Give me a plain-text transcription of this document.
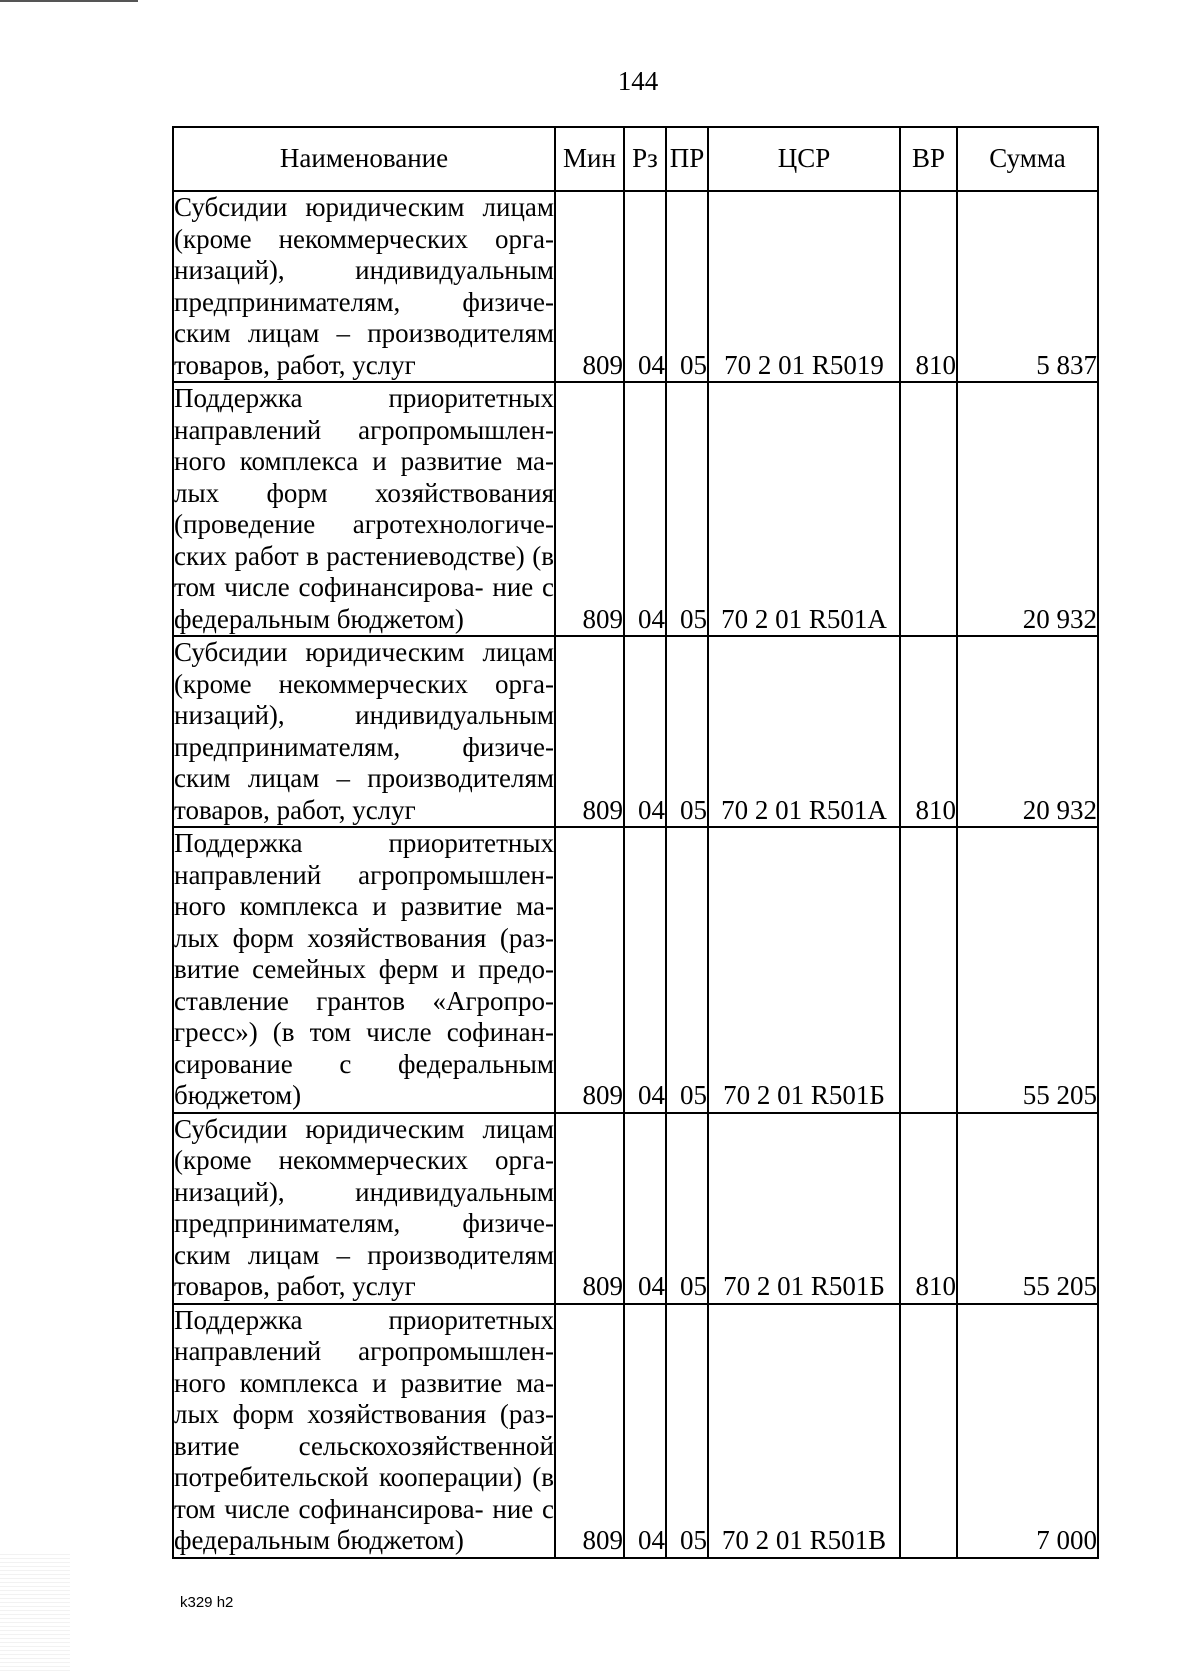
144
Наименование	Мин	Рз	ПР	ЦСР	ВР	Сумма
Субсидии юридическим лицам (кроме некоммерческих орга- низаций), индивидуальным предпринимателям, физиче- ским лицам – производителям товаров, работ, услуг	809	04	05	70 2 01 R5019	810	5 837
Поддержка приоритетных направлений агропромышлен- ного комплекса и развитие ма- лых форм хозяйствования (проведение агротехнологиче- ских работ в растениеводстве) (в том числе софинансирова- ние с федеральным бюджетом)	809	04	05	70 2 01 R501А		20 932
Субсидии юридическим лицам (кроме некоммерческих орга- низаций), индивидуальным предпринимателям, физиче- ским лицам – производителям товаров, работ, услуг	809	04	05	70 2 01 R501А	810	20 932
Поддержка приоритетных направлений агропромышлен- ного комплекса и развитие ма- лых форм хозяйствования (раз- витие семейных ферм и предо- ставление грантов «Агропро- гресс») (в том числе софинан- сирование с федеральным бюджетом)	809	04	05	70 2 01 R501Б		55 205
Субсидии юридическим лицам (кроме некоммерческих орга- низаций), индивидуальным предпринимателям, физиче- ским лицам – производителям товаров, работ, услуг	809	04	05	70 2 01 R501Б	810	55 205
Поддержка приоритетных направлений агропромышлен- ного комплекса и развитие ма- лых форм хозяйствования (раз- витие сельскохозяйственной потребительской кооперации) (в том числе софинансирова- ние с федеральным бюджетом)	809	04	05	70 2 01 R501В		7 000
k329 h2
